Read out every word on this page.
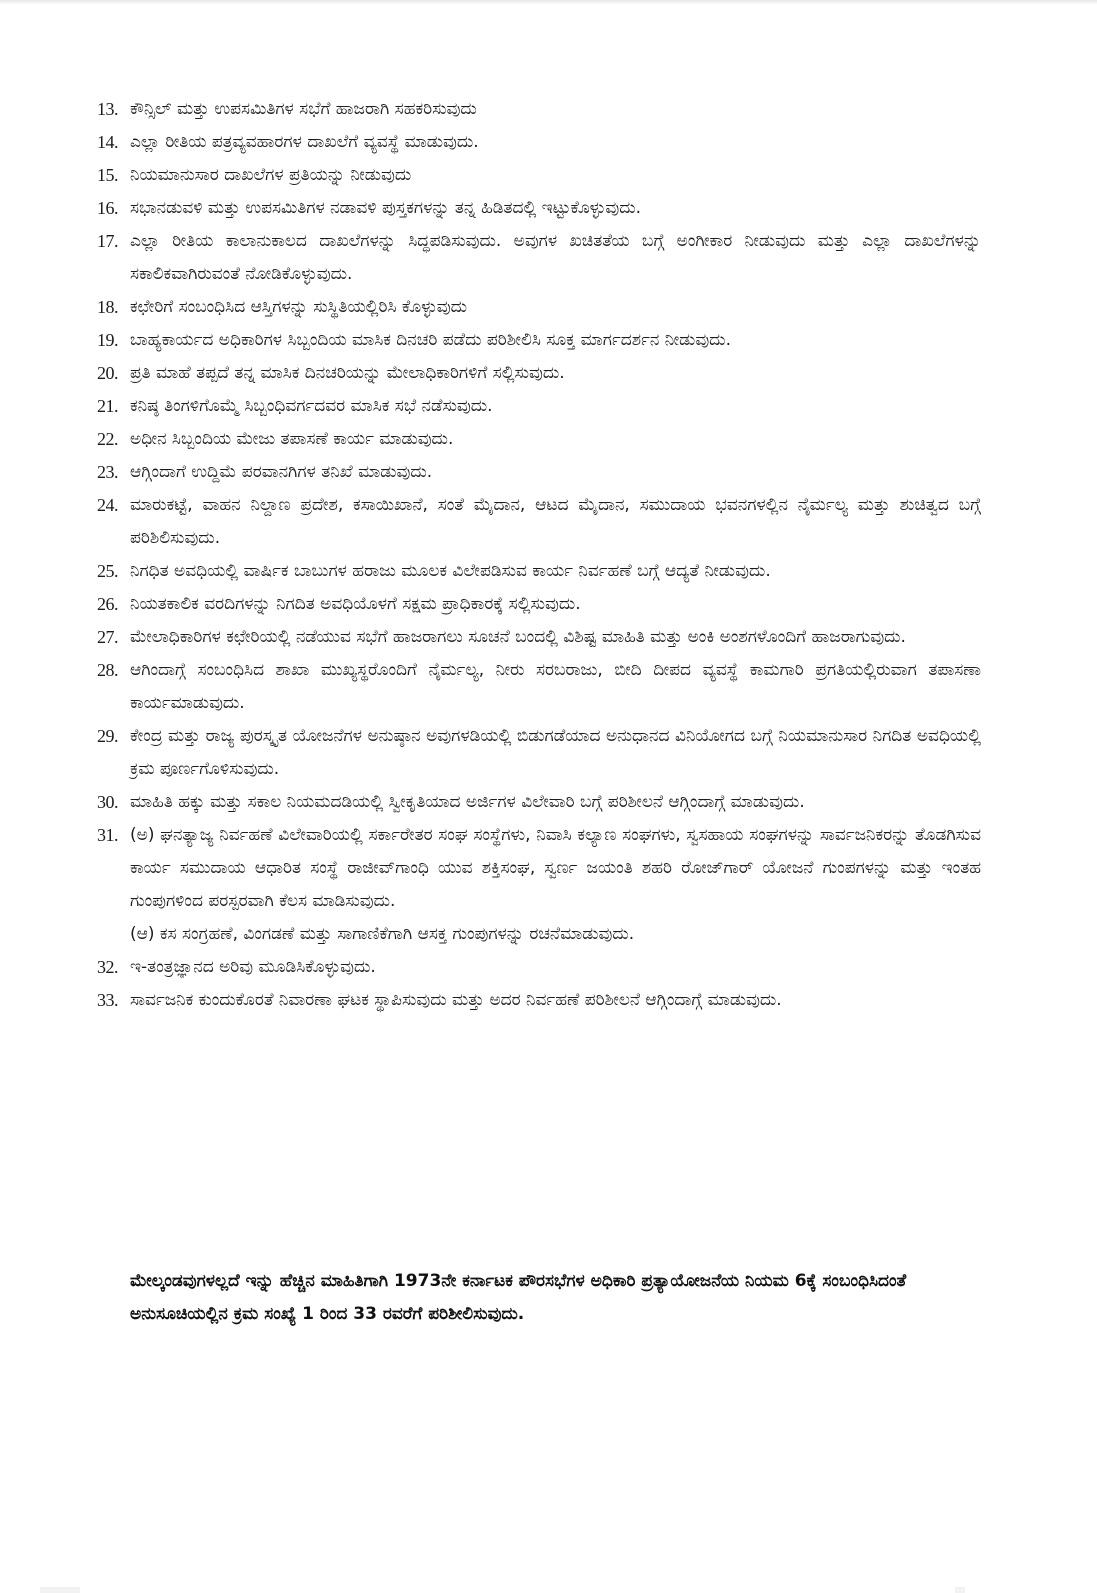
13. ಕೌನ್ಸಿಲ್ ಮತ್ತು ಉಪಸಮಿತಿಗಳ ಸಭೆಗೆ ಹಾಜರಾಗಿ ಸಹಕರಿಸುವುದು

14. ಎಲ್ಲಾ ರೀತಿಯ ಪತ್ರವ್ಯವಹಾರಗಳ ದಾಖಲೆಗೆ ವ್ಯವಸ್ಥೆ ಮಾಡುವುದು.

15. ನಿಯಮಾನುಸಾರ ದಾಖಲೆಗಳ ಪ್ರತಿಯನ್ನು ನೀಡುವುದು

16. ಸಭಾನಡುವಳಿ ಮತ್ತು ಉಪಸಮಿತಿಗಳ ನಡಾವಳಿ ಪುಸ್ತಕಗಳನ್ನು ತನ್ನ ಹಿಡಿತದಲ್ಲಿ ಇಟ್ಟುಕೊಳ್ಳುವುದು.

17. ಎಲ್ಲಾ ರೀತಿಯ ಕಾಲಾನುಕಾಲದ ದಾಖಲೆಗಳನ್ನು ಸಿದ್ಧಪಡಿಸುವುದು. ಅವುಗಳ ಖಚಿತತೆಯ ಬಗ್ಗೆ ಅಂಗೀಕಾರ ನೀಡುವುದು ಮತ್ತು ಎಲ್ಲಾ ದಾಖಲೆಗಳನ್ನು ಸಕಾಲಿಕವಾಗಿರುವಂತೆ ನೋಡಿಕೊಳ್ಳುವುದು.

18. ಕಛೇರಿಗೆ ಸಂಬಂಧಿಸಿದ ಆಸ್ತಿಗಳನ್ನು ಸುಸ್ಥಿತಿಯಲ್ಲಿರಿಸಿ ಕೊಳ್ಳುವುದು

19. ಬಾಹ್ಯಕಾರ್ಯದ ಅಧಿಕಾರಿಗಳ ಸಿಬ್ಬಂದಿಯ ಮಾಸಿಕ ದಿನಚರಿ ಪಡೆದು ಪರಿಶೀಲಿಸಿ ಸೂಕ್ತ ಮಾರ್ಗದರ್ಶನ ನೀಡುವುದು.

20. ಪ್ರತಿ ಮಾಹೆ ತಪ್ಪದೆ ತನ್ನ ಮಾಸಿಕ ದಿನಚರಿಯನ್ನು ಮೇಲಾಧಿಕಾರಿಗಳಿಗೆ ಸಲ್ಲಿಸುವುದು.

21. ಕನಿಷ್ಠ ತಿಂಗಳಿಗೊಮ್ಮೆ ಸಿಬ್ಬಂಧಿವರ್ಗದವರ ಮಾಸಿಕ ಸಭೆ ನಡೆಸುವುದು.

22. ಅಧೀನ ಸಿಬ್ಬಂದಿಯ ಮೇಜು ತಪಾಸಣೆ ಕಾರ್ಯ ಮಾಡುವುದು.

23. ಆಗ್ಗಿಂದಾಗೆ ಉದ್ದಿಮೆ ಪರವಾನಗಿಗಳ ತನಿಖೆ ಮಾಡುವುದು.

24. ಮಾರುಕಟ್ಟೆ, ವಾಹನ ನಿಲ್ದಾಣ ಪ್ರದೇಶ, ಕಸಾಯಿಖಾನೆ, ಸಂತೆ ಮೈದಾನ, ಆಟದ ಮೈದಾನ, ಸಮುದಾಯ ಭವನಗಳಲ್ಲಿನ ನೈರ್ಮಲ್ಯ ಮತ್ತು ಶುಚಿತ್ವದ ಬಗ್ಗೆ ಪರಿಶಿಲಿಸುವುದು.

25. ನಿಗಧಿತ ಅವಧಿಯಲ್ಲಿ ವಾರ್ಷಿಕ ಬಾಬುಗಳ ಹರಾಜು ಮೂಲಕ ವಿಲೇಪಡಿಸುವ ಕಾರ್ಯ ನಿರ್ವಹಣೆ ಬಗ್ಗೆ ಆದ್ಯತೆ ನೀಡುವುದು.

26. ನಿಯತಕಾಲಿಕ ವರದಿಗಳನ್ನು ನಿಗದಿತ ಅವಧಿಯೊಳಗೆ ಸಕ್ಷಮ ಪ್ರಾಧಿಕಾರಕ್ಕೆ ಸಲ್ಲಿಸುವುದು.

27. ಮೇಲಾಧಿಕಾರಿಗಳ ಕಛೇರಿಯಲ್ಲಿ ನಡೆಯುವ ಸಭೆಗೆ ಹಾಜರಾಗಲು ಸೂಚನೆ ಬಂದಲ್ಲಿ ವಿಶಿಷ್ಟ ಮಾಹಿತಿ ಮತ್ತು ಅಂಕಿ ಅಂಶಗಳೊಂದಿಗೆ ಹಾಜರಾಗುವುದು.

28. ಆಗಿಂದಾಗ್ಗೆ ಸಂಬಂಧಿಸಿದ ಶಾಖಾ ಮುಖ್ಯಸ್ಥರೊಂದಿಗೆ ನೈರ್ಮಲ್ಯ, ನೀರು ಸರಬರಾಜು, ಬೀದಿ ದೀಪದ ವ್ಯವಸ್ಥೆ ಕಾಮಗಾರಿ ಪ್ರಗತಿಯಲ್ಲಿರುವಾಗ ತಪಾಸಣಾ ಕಾರ್ಯಮಾಡುವುದು.

29. ಕೇಂದ್ರ ಮತ್ತು ರಾಜ್ಯ ಪುರಸ್ಕೃತ ಯೋಜನೆಗಳ ಅನುಷ್ಠಾನ ಅವುಗಳಡಿಯಲ್ಲಿ ಬಿಡುಗಡೆಯಾದ ಅನುಧಾನದ ವಿನಿಯೋಗದ ಬಗ್ಗೆ ನಿಯಮಾನುಸಾರ ನಿಗದಿತ ಅವಧಿಯಲ್ಲಿ ಕ್ರಮ ಪೂರ್ಣಗೊಳಿಸುವುದು.

30. ಮಾಹಿತಿ ಹಕ್ಕು ಮತ್ತು ಸಕಾಲ ನಿಯಮದಡಿಯಲ್ಲಿ ಸ್ವೀಕೃತಿಯಾದ ಅರ್ಜಿಗಳ ವಿಲೇವಾರಿ ಬಗ್ಗೆ ಪರಿಶೀಲನೆ ಆಗ್ಗಿಂದಾಗ್ಗೆ ಮಾಡುವುದು.

31. (ಅ) ಘನತ್ಯಾಜ್ಯ ನಿರ್ವಹಣೆ ವಿಲೇವಾರಿಯಲ್ಲಿ ಸರ್ಕಾರೇತರ ಸಂಘ ಸಂಸ್ಥೆಗಳು, ನಿವಾಸಿ ಕಲ್ಯಾಣ ಸಂಘಗಳು, ಸ್ವಸಹಾಯ ಸಂಘಗಳನ್ನು ಸಾರ್ವಜನಿಕರನ್ನು ತೊಡಗಿಸುವ ಕಾರ್ಯ ಸಮುದಾಯ ಆಧಾರಿತ ಸಂಸ್ಥೆ ರಾಜೀವ್‌ಗಾಂಧಿ ಯುವ ಶಕ್ತಿಸಂಘ, ಸ್ವರ್ಣ ಜಯಂತಿ ಶಹರಿ ರೋಜ್‌ಗಾರ್ ಯೋಜನೆ ಗುಂಪಗಳನ್ನು ಮತ್ತು ಇಂತಹ ಗುಂಪುಗಳಿಂದ ಪರಸ್ಪರವಾಗಿ ಕೆಲಸ ಮಾಡಿಸುವುದು.

(ಆ) ಕಸ ಸಂಗ್ರಹಣೆ, ವಿಂಗಡಣೆ ಮತ್ತು ಸಾಗಾಣಿಕೆಗಾಗಿ ಆಸಕ್ತ ಗುಂಪುಗಳನ್ನು ರಚನೆಮಾಡುವುದು.

32. ಇ-ತಂತ್ರಜ್ಞಾನದ ಅರಿವು ಮೂಡಿಸಿಕೊಳ್ಳುವುದು.

33. ಸಾರ್ವಜನಿಕ ಕುಂದುಕೊರತೆ ನಿವಾರಣಾ ಘಟಕ ಸ್ಥಾಪಿಸುವುದು ಮತ್ತು ಅದರ ನಿರ್ವಹಣೆ ಪರಿಶೀಲನೆ ಆಗ್ಗಿಂದಾಗ್ಗೆ ಮಾಡುವುದು.

ಮೇಲ್ಕಂಡವುಗಳಲ್ಲದೆ ಇನ್ನು ಹೆಚ್ಚಿನ ಮಾಹಿತಿಗಾಗಿ 1973ನೇ ಕರ್ನಾಟಕ ಪೌರಸಭೆಗಳ ಅಧಿಕಾರಿ ಪ್ರತ್ಯಾಯೋಜನೆಯ ನಿಯಮ 6ಕ್ಕೆ ಸಂಬಂಧಿಸಿದಂತೆ ಅನುಸೂಚಿಯಲ್ಲಿನ ಕ್ರಮ ಸಂಖ್ಯೆ 1 ರಿಂದ 33 ರವರೆಗೆ ಪರಿಶೀಲಿಸುವುದು.
